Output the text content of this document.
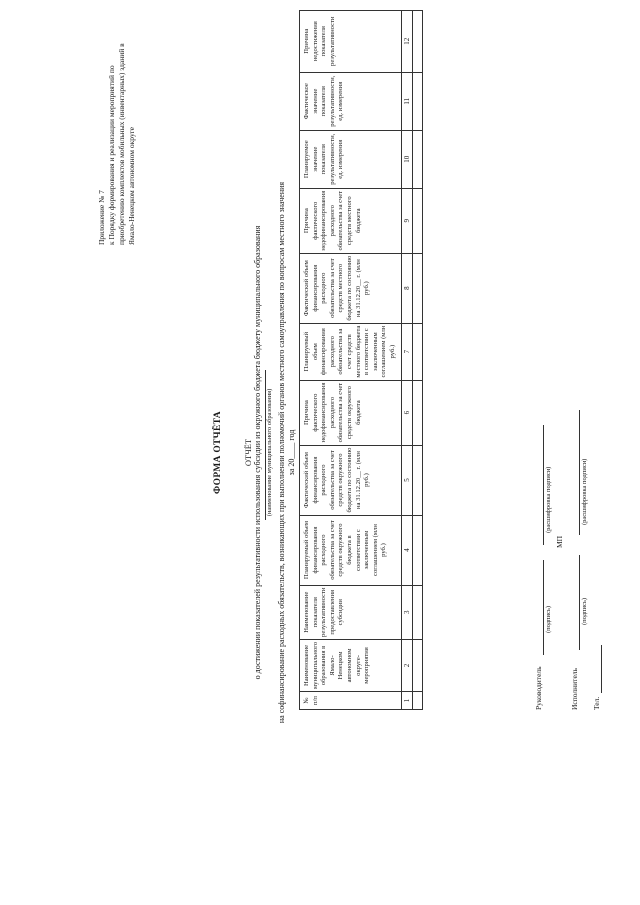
Приложение № 7 к Порядку формирования и реализации мероприятий по приобретению комплектов мобильных (инвентарных) зданий в Ямало-Ненецком автономном округе
ФОРМА ОТЧЁТА ОТЧЁТ о достижении показателей результативности использования субсидии из окружного бюджета бюджету муниципального образования (наименование муниципального образования) на софинансирование расходных обязательств, возникающих при выполнении полномочий органов местного самоуправления по вопросам местного значения за 20____ год
№ п/п	Наименование муниципального образования в Ямало-Ненецком автономном округе-мероприятия	Наименование показателя результативности предоставления субсидии	Планируемый объем финансирования расходного обязательства за счет средств окружного бюджета в соответствии с заключенным соглашением (млн руб.)	Фактический объем финансирования расходного обязательства за счет средств окружного бюджета по состоянию на 31.12.20__ г. (млн руб.)	Причина фактического недофинансирования расходного обязательства за счет средств окружного бюджета	Планируемый объем финансирования расходного обязательства за счет средств местного бюджета в соответствии с заключенным соглашением (млн руб.)	Фактический объем финансирования расходного обязательства за счет средств местного бюджета по состоянию на 31.12.20__ г. (млн руб.)	Причина фактического недофинансирования расходного обязательства за счет средств местного бюджета	Планируемое значение показателя результативности, ед. измерения	Фактическое значение показателя результативности, ед. измерения	Причина недостижения показателя результативности
1	2	3	4	5	6	7	8	9	10	11	12

Руководитель
(подпись)
(расшифровка подписи)
МП
Исполнитель
(подпись)
(расшифровка подписи)
Тел.
